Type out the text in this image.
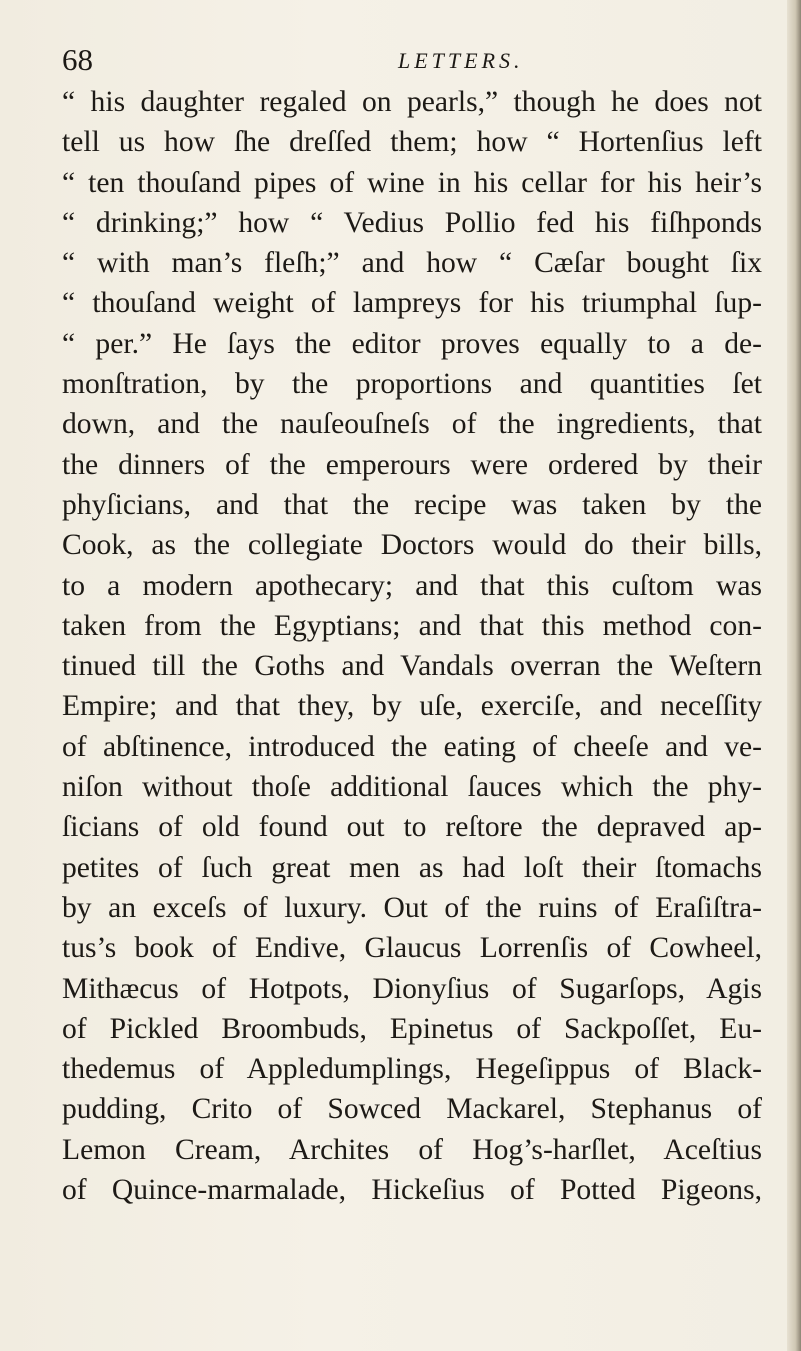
68	LETTERS.
“ his daughter regaled on pearls,” though he does not
tell us how ſhe dreſſed them; how “ Hortenſius left
“ ten thouſand pipes of wine in his cellar for his heir’s
“ drinking;” how “ Vedius Pollio fed his fiſhponds
“ with man’s fleſh;” and how “ Cæſar bought ſix
“ thouſand weight of lampreys for his triumphal ſup-
“ per.” He ſays the editor proves equally to a de-
monſtration, by the proportions and quantities ſet
down, and the nauſeouſneſs of the ingredients, that
the dinners of the emperours were ordered by their
phyſicians, and that the recipe was taken by the
Cook, as the collegiate Doctors would do their bills,
to a modern apothecary; and that this cuſtom was
taken from the Egyptians; and that this method con-
tinued till the Goths and Vandals overran the Weſtern
Empire; and that they, by uſe, exerciſe, and neceſſity
of abſtinence, introduced the eating of cheeſe and ve-
niſon without thoſe additional ſauces which the phy-
ſicians of old found out to reſtore the depraved ap-
petites of ſuch great men as had loſt their ſtomachs
by an exceſs of luxury. Out of the ruins of Eraſiſtra-
tus’s book of Endive, Glaucus Lorrenſis of Cowheel,
Mithæcus of Hotpots, Dionyſius of Sugarſops, Agis
of Pickled Broombuds, Epinetus of Sackpoſſet, Eu-
thedemus of Appledumplings, Hegeſippus of Black-
pudding, Crito of Sowced Mackarel, Stephanus of
Lemon Cream, Archites of Hog’s-harſlet, Aceſtius
of Quince-marmalade, Hickeſius of Potted Pigeons,
